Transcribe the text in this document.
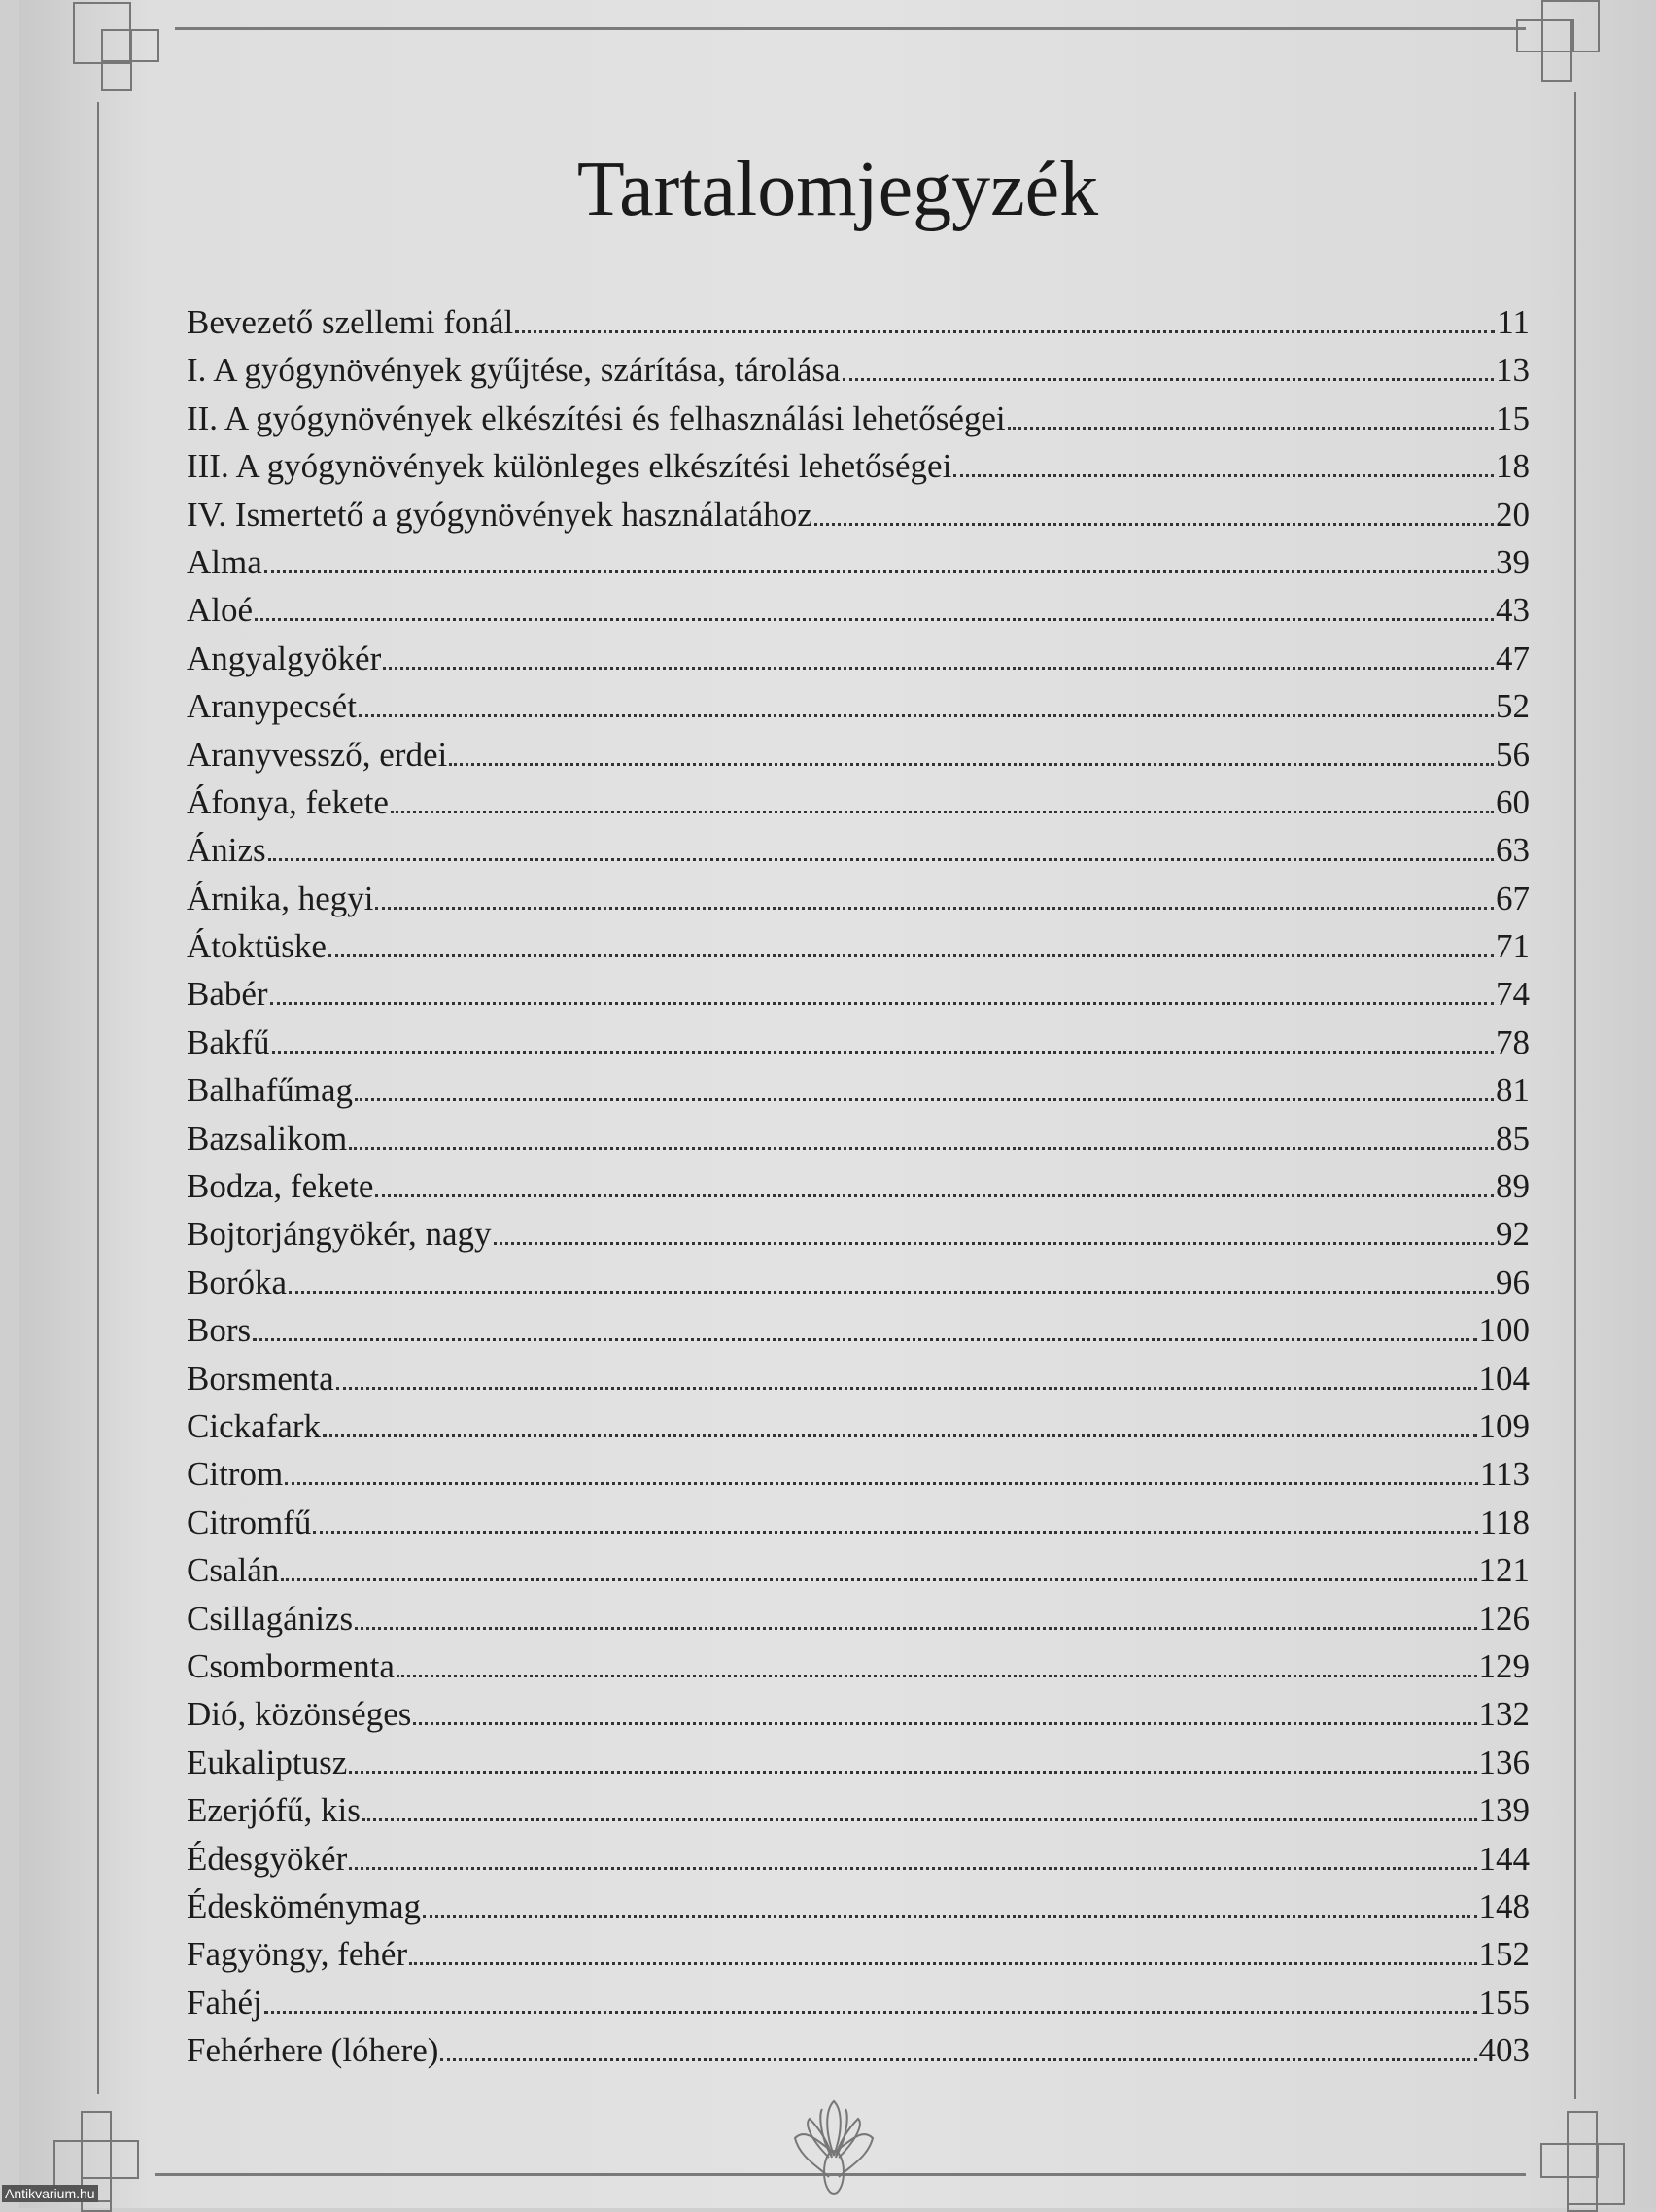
Tartalomjegyzék
Bevezető szellemi fonál	11
I. A gyógynövények gyűjtése, szárítása, tárolása	13
II. A gyógynövények elkészítési és felhasználási lehetőségei	15
III. A gyógynövények különleges elkészítési lehetőségei	18
IV. Ismertető a gyógynövények használatához	20
Alma	39
Aloé	43
Angyalgyökér	47
Aranypecsét	52
Aranyvessző, erdei	56
Áfonya, fekete	60
Ánizs	63
Árnika, hegyi	67
Átoktüske	71
Babér	74
Bakfű	78
Balhafűmag	81
Bazsalikom	85
Bodza, fekete	89
Bojtorjángyökér, nagy	92
Boróka	96
Bors	100
Borsmenta	104
Cickafark	109
Citrom	113
Citromfű	118
Csalán	121
Csillagánizs	126
Csombormenta	129
Dió, közönséges	132
Eukaliptusz	136
Ezerjófű, kis	139
Édesgyökér	144
Édesköménymag	148
Fagyöngy, fehér	152
Fahéj	155
Fehérhere (lóhere)	403
Antikvarium.hu
